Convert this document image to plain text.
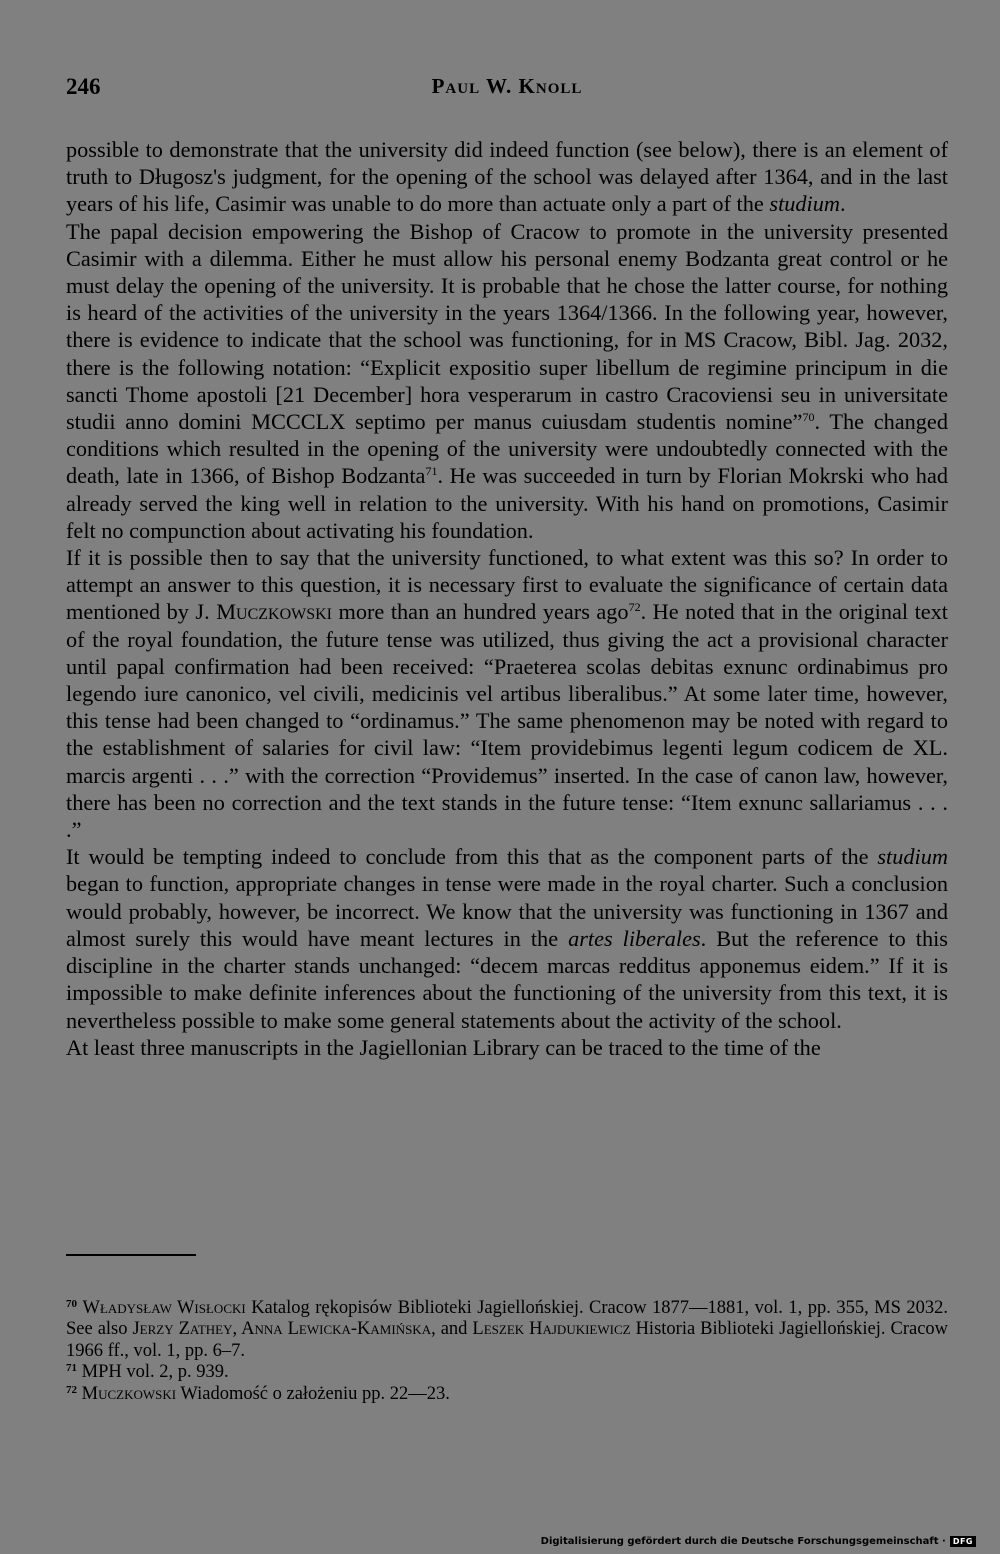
246	Paul W. Knoll

possible to demonstrate that the university did indeed function (see below), there is an element of truth to Długosz's judgment, for the opening of the school was delayed after 1364, and in the last years of his life, Casimir was unable to do more than actuate only a part of the studium.

The papal decision empowering the Bishop of Cracow to promote in the university presented Casimir with a dilemma. Either he must allow his personal enemy Bodzanta great control or he must delay the opening of the university. It is probable that he chose the latter course, for nothing is heard of the activities of the university in the years 1364/1366. In the following year, however, there is evidence to indicate that the school was functioning, for in MS Cracow, Bibl. Jag. 2032, there is the following notation: “Explicit expositio super libellum de regimine principum in die sancti Thome apostoli [21 December] hora vesperarum in castro Cracoviensi seu in universitate studii anno domini MCCCLX septimo per manus cuiusdam studentis nomine”$^{70}$. The changed conditions which resulted in the opening of the university were undoubtedly connected with the death, late in 1366, of Bishop Bodzanta$^{71}$. He was succeeded in turn by Florian Mokrski who had already served the king well in relation to the university. With his hand on promotions, Casimir felt no compunction about activating his foundation.

If it is possible then to say that the university functioned, to what extent was this so? In order to attempt an answer to this question, it is necessary first to evaluate the significance of certain data mentioned by J. Muczkowski more than an hundred years ago$^{72}$. He noted that in the original text of the royal foundation, the future tense was utilized, thus giving the act a provisional character until papal confirmation had been received: “Praeterea scolas debitas exnunc ordinabimus pro legendo iure canonico, vel civili, medicinis vel artibus liberalibus.” At some later time, however, this tense had been changed to “ordinamus.” The same phenomenon may be noted with regard to the establishment of salaries for civil law: “Item providebimus legenti legum codicem de XL. marcis argenti . . .” with the correction “Providemus” inserted. In the case of canon law, however, there has been no correction and the text stands in the future tense: “Item exnunc sallariamus . . . .”

It would be tempting indeed to conclude from this that as the component parts of the studium began to function, appropriate changes in tense were made in the royal charter. Such a conclusion would probably, however, be incorrect. We know that the university was functioning in 1367 and almost surely this would have meant lectures in the artes liberales. But the reference to this discipline in the charter stands unchanged: “decem marcas redditus apponemus eidem.” If it is impossible to make definite inferences about the functioning of the university from this text, it is nevertheless possible to make some general statements about the activity of the school.

At least three manuscripts in the Jagiellonian Library can be traced to the time of the

$^{70}$ Władysław Wisłocki Katalog rękopisów Biblioteki Jagiellońskiej. Cracow 1877—1881, vol. 1, pp. 355, MS 2032. See also Jerzy Zathey, Anna Lewicka-Kamińska, and Leszek Hajdukiewicz Historia Biblioteki Jagiellońskiej. Cracow 1966 ff., vol. 1, pp. 6–7.

$^{71}$ MPH vol. 2, p. 939.

$^{72}$ Muczkowski Wiadomość o założeniu pp. 22—23.

Digitalisierung gefördert durch die Deutsche Forschungsgemeinschaft · DFG
